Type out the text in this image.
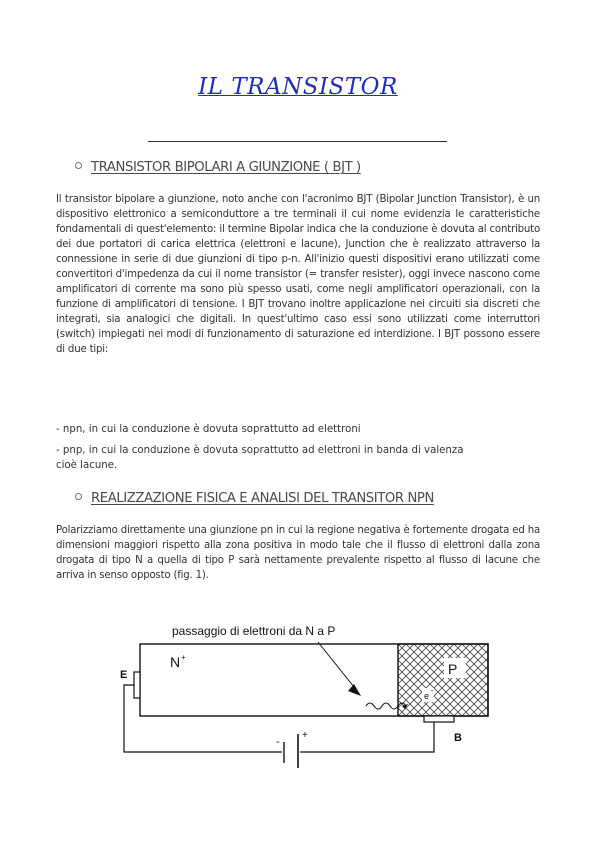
IL TRANSISTOR
TRANSISTOR BIPOLARI A GIUNZIONE ( BJT )
Il transistor bipolare a giunzione, noto anche con l'acronimo BJT (Bipolar Junction Transistor), è un dispositivo elettronico a semiconduttore a tre terminali il cui nome evidenzia le caratteristiche fondamentali di quest'elemento: il termine Bipolar indica che la conduzione è dovuta al contributo dei due portatori di carica elettrica (elettroni e lacune), Junction che è realizzato attraverso la connessione in serie di due giunzioni di tipo p-n. All'inizio questi dispositivi erano utilizzati come convertitori d'impedenza da cui il nome transistor (= transfer resister), oggi invece nascono come amplificatori di corrente ma sono più spesso usati, come negli amplificatori operazionali, con la funzione di amplificatori di tensione. I BJT trovano inoltre applicazione nei circuiti sia discreti che integrati, sia analogici che digitali. In quest'ultimo caso essi sono utilizzati come interruttori (switch) impiegati nei modi di funzionamento di saturazione ed interdizione. I BJT possono essere di due tipi:
- npn, in cui la conduzione è dovuta soprattutto ad elettroni
- pnp, in cui la conduzione è dovuta soprattutto ad elettroni in banda di valenza
cioè lacune.
REALIZZAZIONE FISICA E ANALISI DEL TRANSITOR NPN
Polarizziamo direttamente una giunzione pn in cui la regione negativa è fortemente drogata ed ha dimensioni maggiori rispetto alla zona positiva in modo tale che il flusso di elettroni dalla zona drogata di tipo N a quella di tipo P sarà nettamente prevalente rispetto al flusso di lacune che arriva in senso opposto (fig. 1).
passaggio di elettroni da N a P
N +
P
e -
E
B
-
+
